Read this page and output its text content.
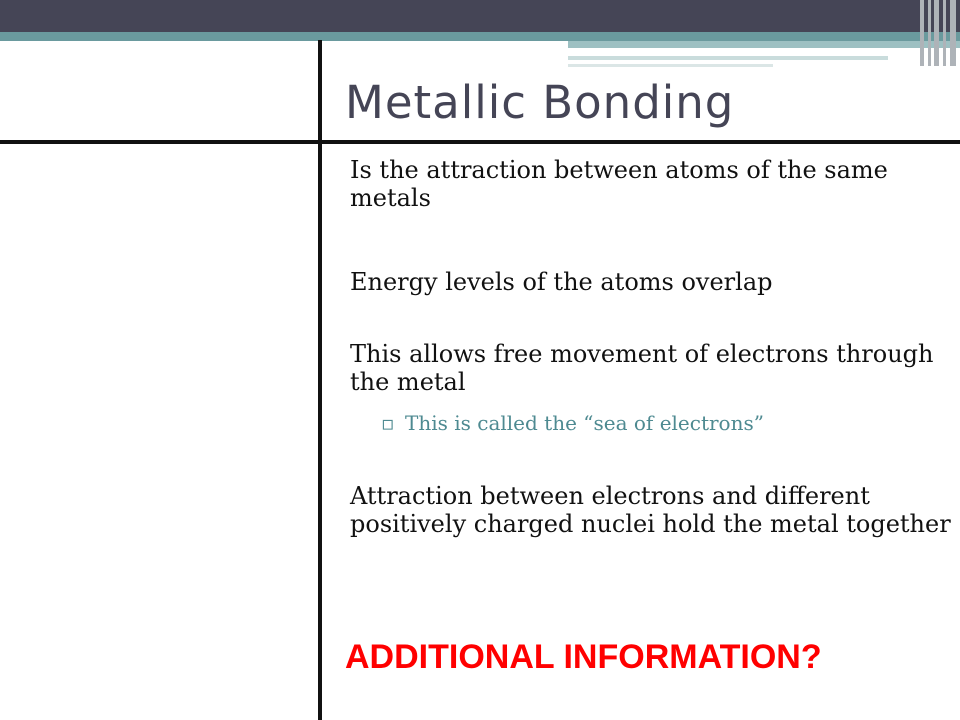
Metallic Bonding

Is the attraction between atoms of the same metals

Energy levels of the atoms overlap

This allows free movement of electrons through the metal

▫ This is called the “sea of electrons”

Attraction between electrons and different positively charged nuclei hold the metal together

ADDITIONAL INFORMATION?
